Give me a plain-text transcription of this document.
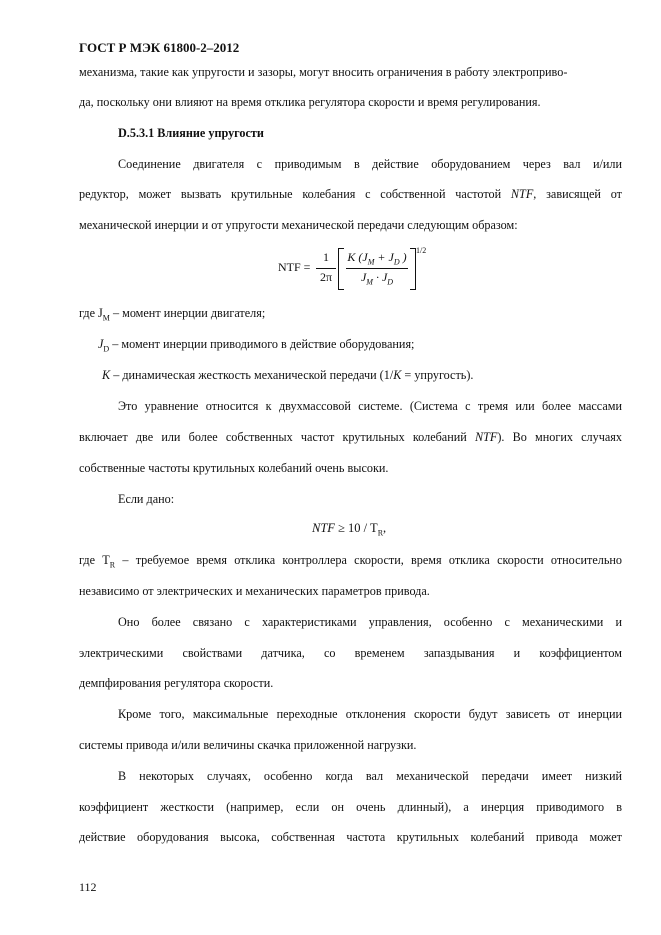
ГОСТ Р МЭК 61800-2–2012
механизма, такие как упругости и зазоры, могут вносить ограничения в работу электроприво-
да, поскольку они влияют на время отклика регулятора скорости и время регулирования.
D.5.3.1 Влияние упругости
Соединение двигателя с приводимым в действие оборудованием через вал и/или
редуктор, может вызвать крутильные колебания с собственной частотой NTF, зависящей от
механической инерции и от упругости механической передачи следующим образом:
NTF =
1
2π
K ($J_M + J_D$ )
$J_M \cdot J_D$
1/2
где $J_M$ – момент инерции двигателя;
$J_D$ – момент инерции приводимого в действие оборудования;
K – динамическая жесткость механической передачи (1/K = упругость).
Это уравнение относится к двухмассовой системе. (Система с тремя или более массами
включает две или более собственных частот крутильных колебаний NTF). Во многих случаях
собственные частоты крутильных колебаний очень высоки.
Если дано:
NTF ≥ $10 / T_R$,
где $T_R$ – требуемое время отклика контроллера скорости, время отклика скорости относительно
независимо от электрических и механических параметров привода.
Оно более связано с характеристиками управления, особенно с механическими и
электрическими свойствами датчика, со временем запаздывания и коэффициентом
демпфирования регулятора скорости.
Кроме того, максимальные переходные отклонения скорости будут зависеть от инерции
системы привода и/или величины скачка приложенной нагрузки.
В некоторых случаях, особенно когда вал механической передачи имеет низкий
коэффициент жесткости (например, если он очень длинный), а инерция приводимого в
действие оборудования высока, собственная частота крутильных колебаний привода может
112
